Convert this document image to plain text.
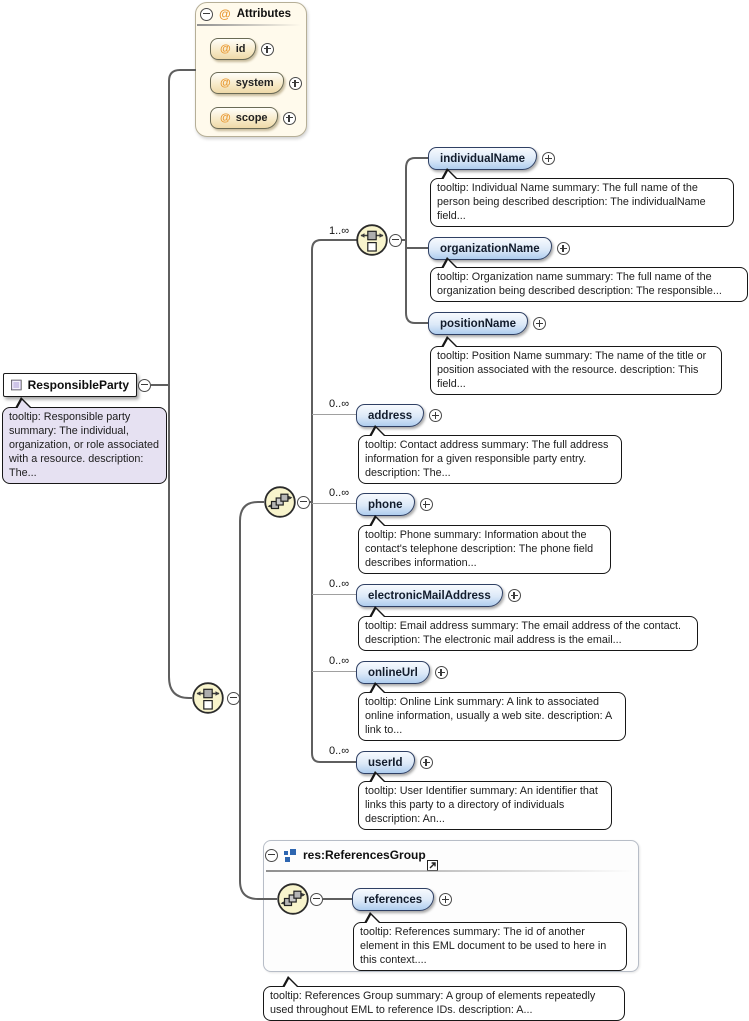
@ Attributes
@ id
@ system
@ scope
ResponsibleParty
tooltip: Responsible party summary: The individual, organization, or role associated with a resource. description: The...
1..∞
individualName
tooltip: Individual Name summary: The full name of the person being described description: The individualName field...
organizationName
tooltip: Organization name summary: The full name of the organization being described description: The responsible...
positionName
tooltip: Position Name summary: The name of the title or position associated with the resource. description: This field...
0..∞
address
tooltip: Contact address summary: The full address information for a given responsible party entry. description: The...
0..∞
phone
tooltip: Phone summary: Information about the contact's telephone description: The phone field describes information...
0..∞
electronicMailAddress
tooltip: Email address summary: The email address of the contact. description: The electronic mail address is the email...
0..∞
onlineUrl
tooltip: Online Link summary: A link to associated online information, usually a web site. description: A link to...
0..∞
userId
tooltip: User Identifier summary: An identifier that links this party to a directory of individuals description: An...
res:ReferencesGroup
references
tooltip: References summary: The id of another element in this EML document to be used to here in this context....
tooltip: References Group summary: A group of elements repeatedly used throughout EML to reference IDs. description: A...
